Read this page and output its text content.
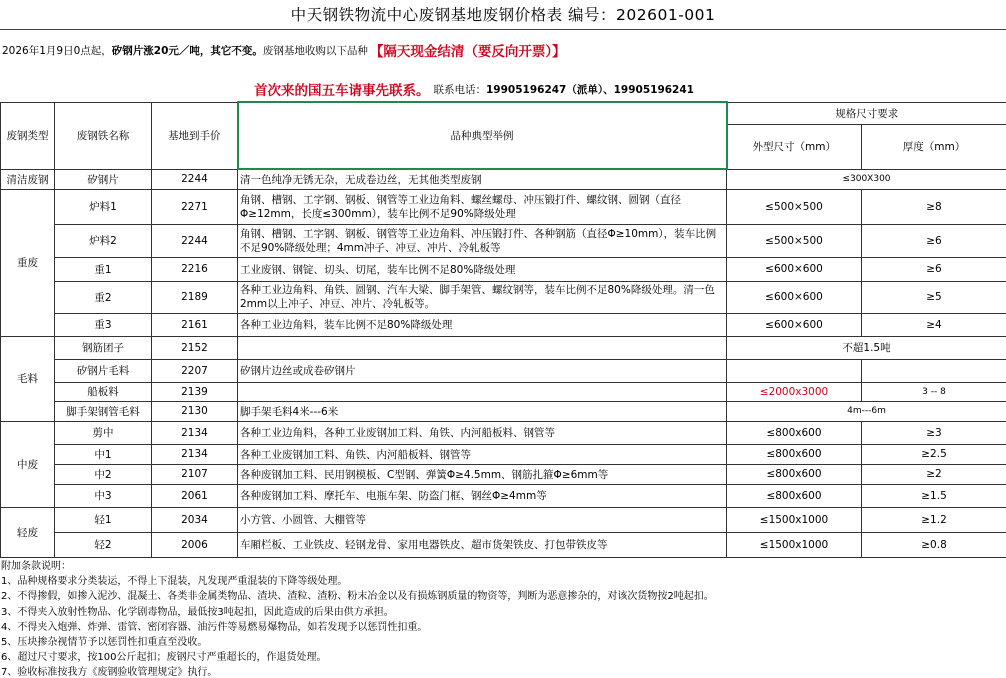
中天钢铁物流中心废钢基地废钢价格表 编号：202601-001
2026年1月9日0点起， 矽钢片涨20元／吨，其它不变。 废钢基地收购以下品种 【隔天现金结清（要反向开票）】
首次来的国五车请事先联系。 联系电话： 19905196247（派单）、19905196241
废钢类型	废钢铁名称	基地到手价	品种典型举例	规格尺寸要求	
				外型尺寸（mm）	厚度（mm）
清洁废钢	矽钢片	2244	清一色纯净无锈无杂，无成卷边丝，无其他类型废钢	≤300X300	
重废	炉料1	2271	角钢、槽钢、工字钢、钢板、钢管等工业边角料、螺丝螺母、冲压锻打件、螺纹钢、圆钢（直径Φ≥12mm，长度≤300mm），装车比例不足90%降级处理	≤500×500	≥8
	炉料2	2244	角钢、槽钢、工字钢、钢板、钢管等工业边角料、冲压锻打件、各种钢筋（直径Φ≥10mm），装车比例不足90%降级处理；4mm冲子、冲豆、冲片、冷轧板等	≤500×500	≥6
	重1	2216	工业废钢、钢锭、切头、切尾，装车比例不足80%降级处理	≤600×600	≥6
	重2	2189	各种工业边角料、角铁、圆钢、汽车大梁、脚手架管、螺纹钢等，装车比例不足80%降级处理。清一色2mm以上冲子、冲豆、冲片、冷轧板等。	≤600×600	≥5
	重3	2161	各种工业边角料，装车比例不足80%降级处理	≤600×600	≥4
毛料	钢筋团子	2152		不超1.5吨	
	矽钢片毛料	2207	矽钢片边丝或成卷矽钢片		
	船板料	2139		≤2000x3000	3 -- 8
	脚手架钢管毛料	2130	脚手架毛料4米---6米	4m---6m	
中废	剪中	2134	各种工业边角料，各种工业废钢加工料、角铁、内河船板料、钢管等	≤800x600	≥3
	中1	2134	各种工业废钢加工料、角铁、内河船板料、钢管等	≤800x600	≥2.5
	中2	2107	各种废钢加工料、民用钢模板、C型钢、弹簧Φ≥4.5mm、钢筋扎箍Φ≥6mm等	≤800x600	≥2
	中3	2061	各种废钢加工料、摩托车、电瓶车架、防盗门框、钢丝Φ≥4mm等	≤800x600	≥1.5
轻废	轻1	2034	小方管、小圆管、大棚管等	≤1500x1000	≥1.2
	轻2	2006	车厢栏板、工业铁皮、轻钢龙骨、家用电器铁皮、超市货架铁皮、打包带铁皮等	≤1500x1000	≥0.8
附加条款说明：
1、品种规格要求分类装运，不得上下混装，凡发现严重混装的下降等级处理。
2、不得掺假，如掺入泥沙、混凝土、各类非金属类物品、渣块、渣粒、渣粉、粉末冶金以及有损炼钢质量的物资等，判断为恶意掺杂的，对该次货物按2吨起扣。
3、不得夹入放射性物品、化学剧毒物品，最低按3吨起扣，因此造成的后果由供方承担。
4、不得夹入炮弹、炸弹、雷管、密闭容器、油污件等易燃易爆物品，如若发现予以惩罚性扣重。
5、压块掺杂视情节予以惩罚性扣重直至没收。
6、超过尺寸要求，按100公斤起扣；废钢尺寸严重超长的，作退货处理。
7、验收标准按我方《废钢验收管理规定》执行。
